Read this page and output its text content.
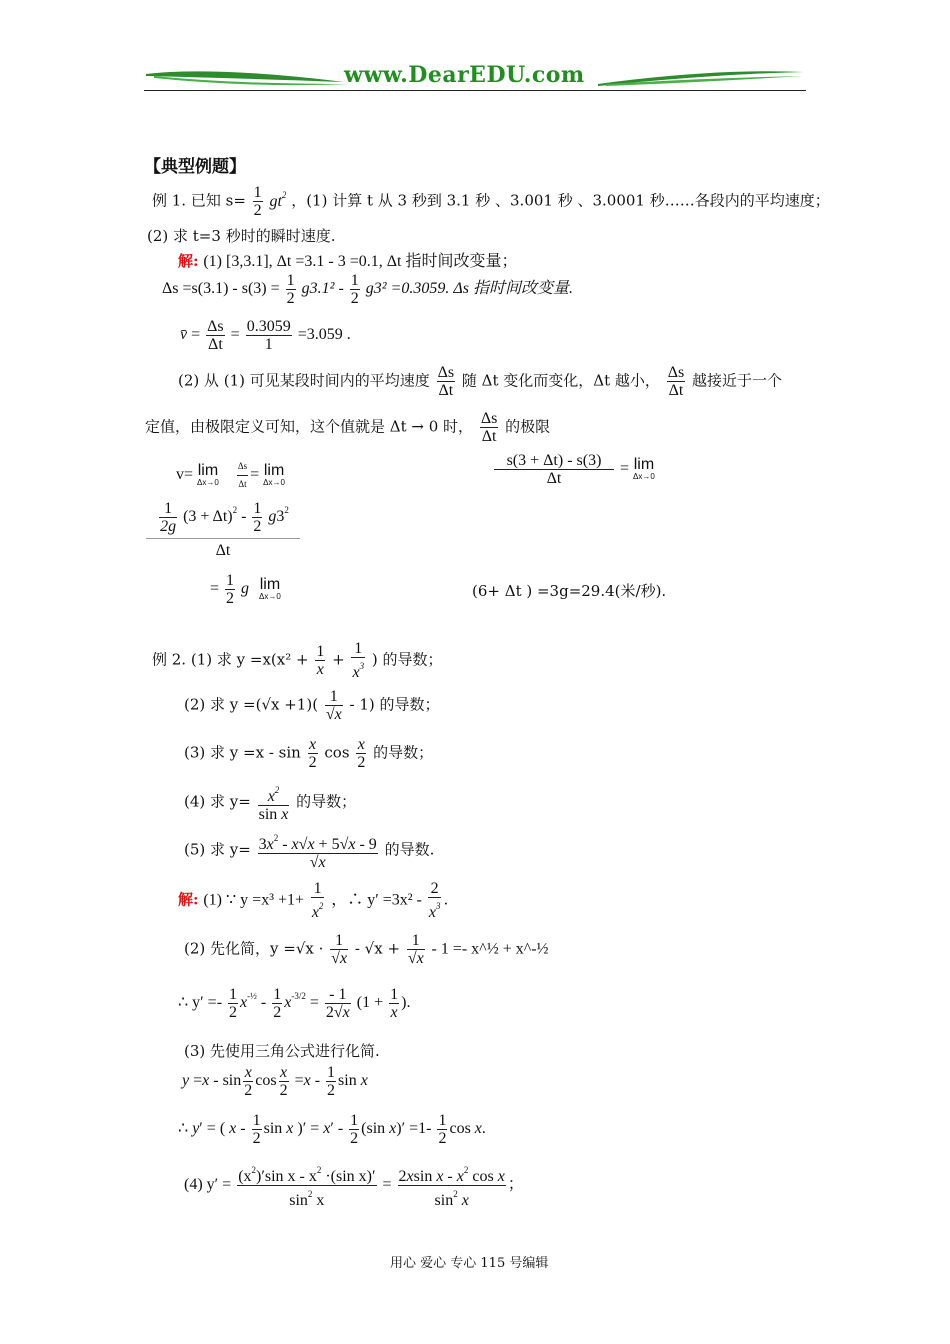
www.DearEDU.com
【典型例题】
例 1. 已知 $s= \frac{1}{2} gt^2$ ，(1) 计算 t 从 3 秒到 3.1 秒 、3.001 秒 、3.0001 秒……各段内的平均速度；
(2) 求 t=3 秒时的瞬时速度.
解: (1) [3,3.1], Δt =3.1 - 3 =0.1, Δt 指时间改变量；
$\Delta s =s(3.1) - s(3) = \frac{1}{2} g3.1^2 - \frac{1}{2} g3^2 =0.3059$. Δs 指时间改变量.
v̄ = $\frac{\Delta s}{\Delta t} = \frac{0.3059}{1} =3.059$ .
(2) 从 (1) 可见某段时间内的平均速度 $\frac{\Delta s}{\Delta t}$ 随 Δt 变化而变化，Δt 越小， $\frac{\Delta s}{\Delta t}$ 越接近于一个
定值，由极限定义可知，这个值就是 Δt → 0 时， $\frac{\Delta s}{\Delta t}$ 的极限
v= lim
Δx→0
$\frac{\Delta s}{\Delta t} = \lim$
Δx→0	$\frac{s(3 + \Delta t) - s(3)}{\Delta t} = \lim$
Δx→0
$\frac{1}{2g} (3 + \Delta t)^2 - \frac{1}{2} g3^2$
Δt
= $\frac{1}{2}$ g lim
Δx→0	(6+ Δt ) =3g=29.4(米/秒).
例 2. (1) 求 $y =x(x^2 + \frac{1}{x} + \frac{1}{x^3}$ ) 的导数；
(2) 求 $y =(√x +1)( \frac{1}{√x} - 1)$ 的导数；
(3) 求 $y =x - \sin \frac{x}{2}$ $\cos \frac{x}{2}$ 的导数；
(4) 求 $y= \frac{x^2}{\text{sin x}}$ 的导数；
(5) 求 $y= \frac{3x^2 - x√x + 5√x - 9}{√x}$ 的导数.
解: (1) ∵ $y =x^3 +1+ \frac{1}{x^2}$ ，∴ $y' =3x^2 - \frac{2}{x^3}$ .
(2) 先化简，$y =√x \cdot \frac{1}{√x} - √x + \frac{1}{√x} - 1$ =- x^½ + x^-½
∴ $y' =- \frac{1}{2} x^{-\frac{1}{2}} - \frac{1}{2} x^{-3/2} = \frac{- 1}{2√x} (1 + \frac{1}{x}$ ).
(3) 先使用三角公式进行化简.
$y =x - \sin \frac{x}{2}$ $\cos \frac{x}{2} =x - \frac{1}{2}$ sin x
∴ y′ = ( x - $\frac{1}{2}$ sin x )′ = $x' - \frac{1}{2} (\sin$ $x)' =1- \frac{1}{2}$ cos x.
(4) $y' = \frac{(x^2)'\sin x - x^2 \cdot(\sin x)'}{\sin^2 x} = \frac{2xsin x - x^2 \cos x}{\sin^2 x}$ ；
用心 爱心 专心 115 号编辑
